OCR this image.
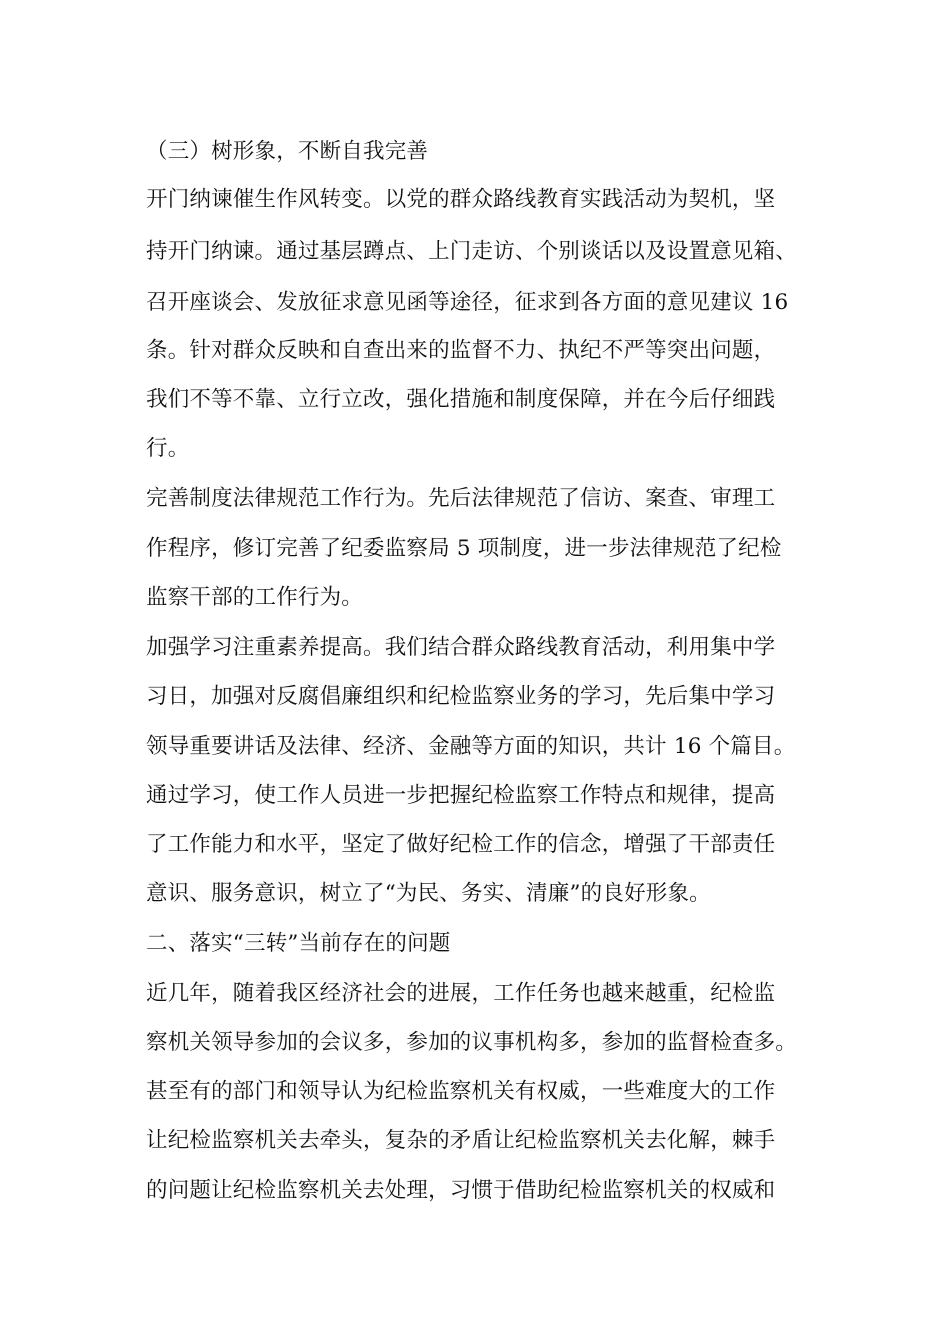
（三）树形象，不断自我完善
开门纳谏催生作风转变。以党的群众路线教育实践活动为契机，坚
持开门纳谏。通过基层蹲点、上门走访、个别谈话以及设置意见箱、
召开座谈会、发放征求意见函等途径，征求到各方面的意见建议 16
条。针对群众反映和自查出来的监督不力、执纪不严等突出问题，
我们不等不靠、立行立改，强化措施和制度保障，并在今后仔细践
行。
完善制度法律规范工作行为。先后法律规范了信访、案查、审理工
作程序，修订完善了纪委监察局 5 项制度，进一步法律规范了纪检
监察干部的工作行为。
加强学习注重素养提高。我们结合群众路线教育活动，利用集中学
习日，加强对反腐倡廉组织和纪检监察业务的学习，先后集中学习
领导重要讲话及法律、经济、金融等方面的知识，共计 16 个篇目。
通过学习，使工作人员进一步把握纪检监察工作特点和规律，提高
了工作能力和水平，坚定了做好纪检工作的信念，增强了干部责任
意识、服务意识，树立了“为民、务实、清廉”的良好形象。
二、落实“三转”当前存在的问题
近几年，随着我区经济社会的进展，工作任务也越来越重，纪检监
察机关领导参加的会议多，参加的议事机构多，参加的监督检查多。
甚至有的部门和领导认为纪检监察机关有权威，一些难度大的工作
让纪检监察机关去牵头，复杂的矛盾让纪检监察机关去化解，棘手
的问题让纪检监察机关去处理，习惯于借助纪检监察机关的权威和
